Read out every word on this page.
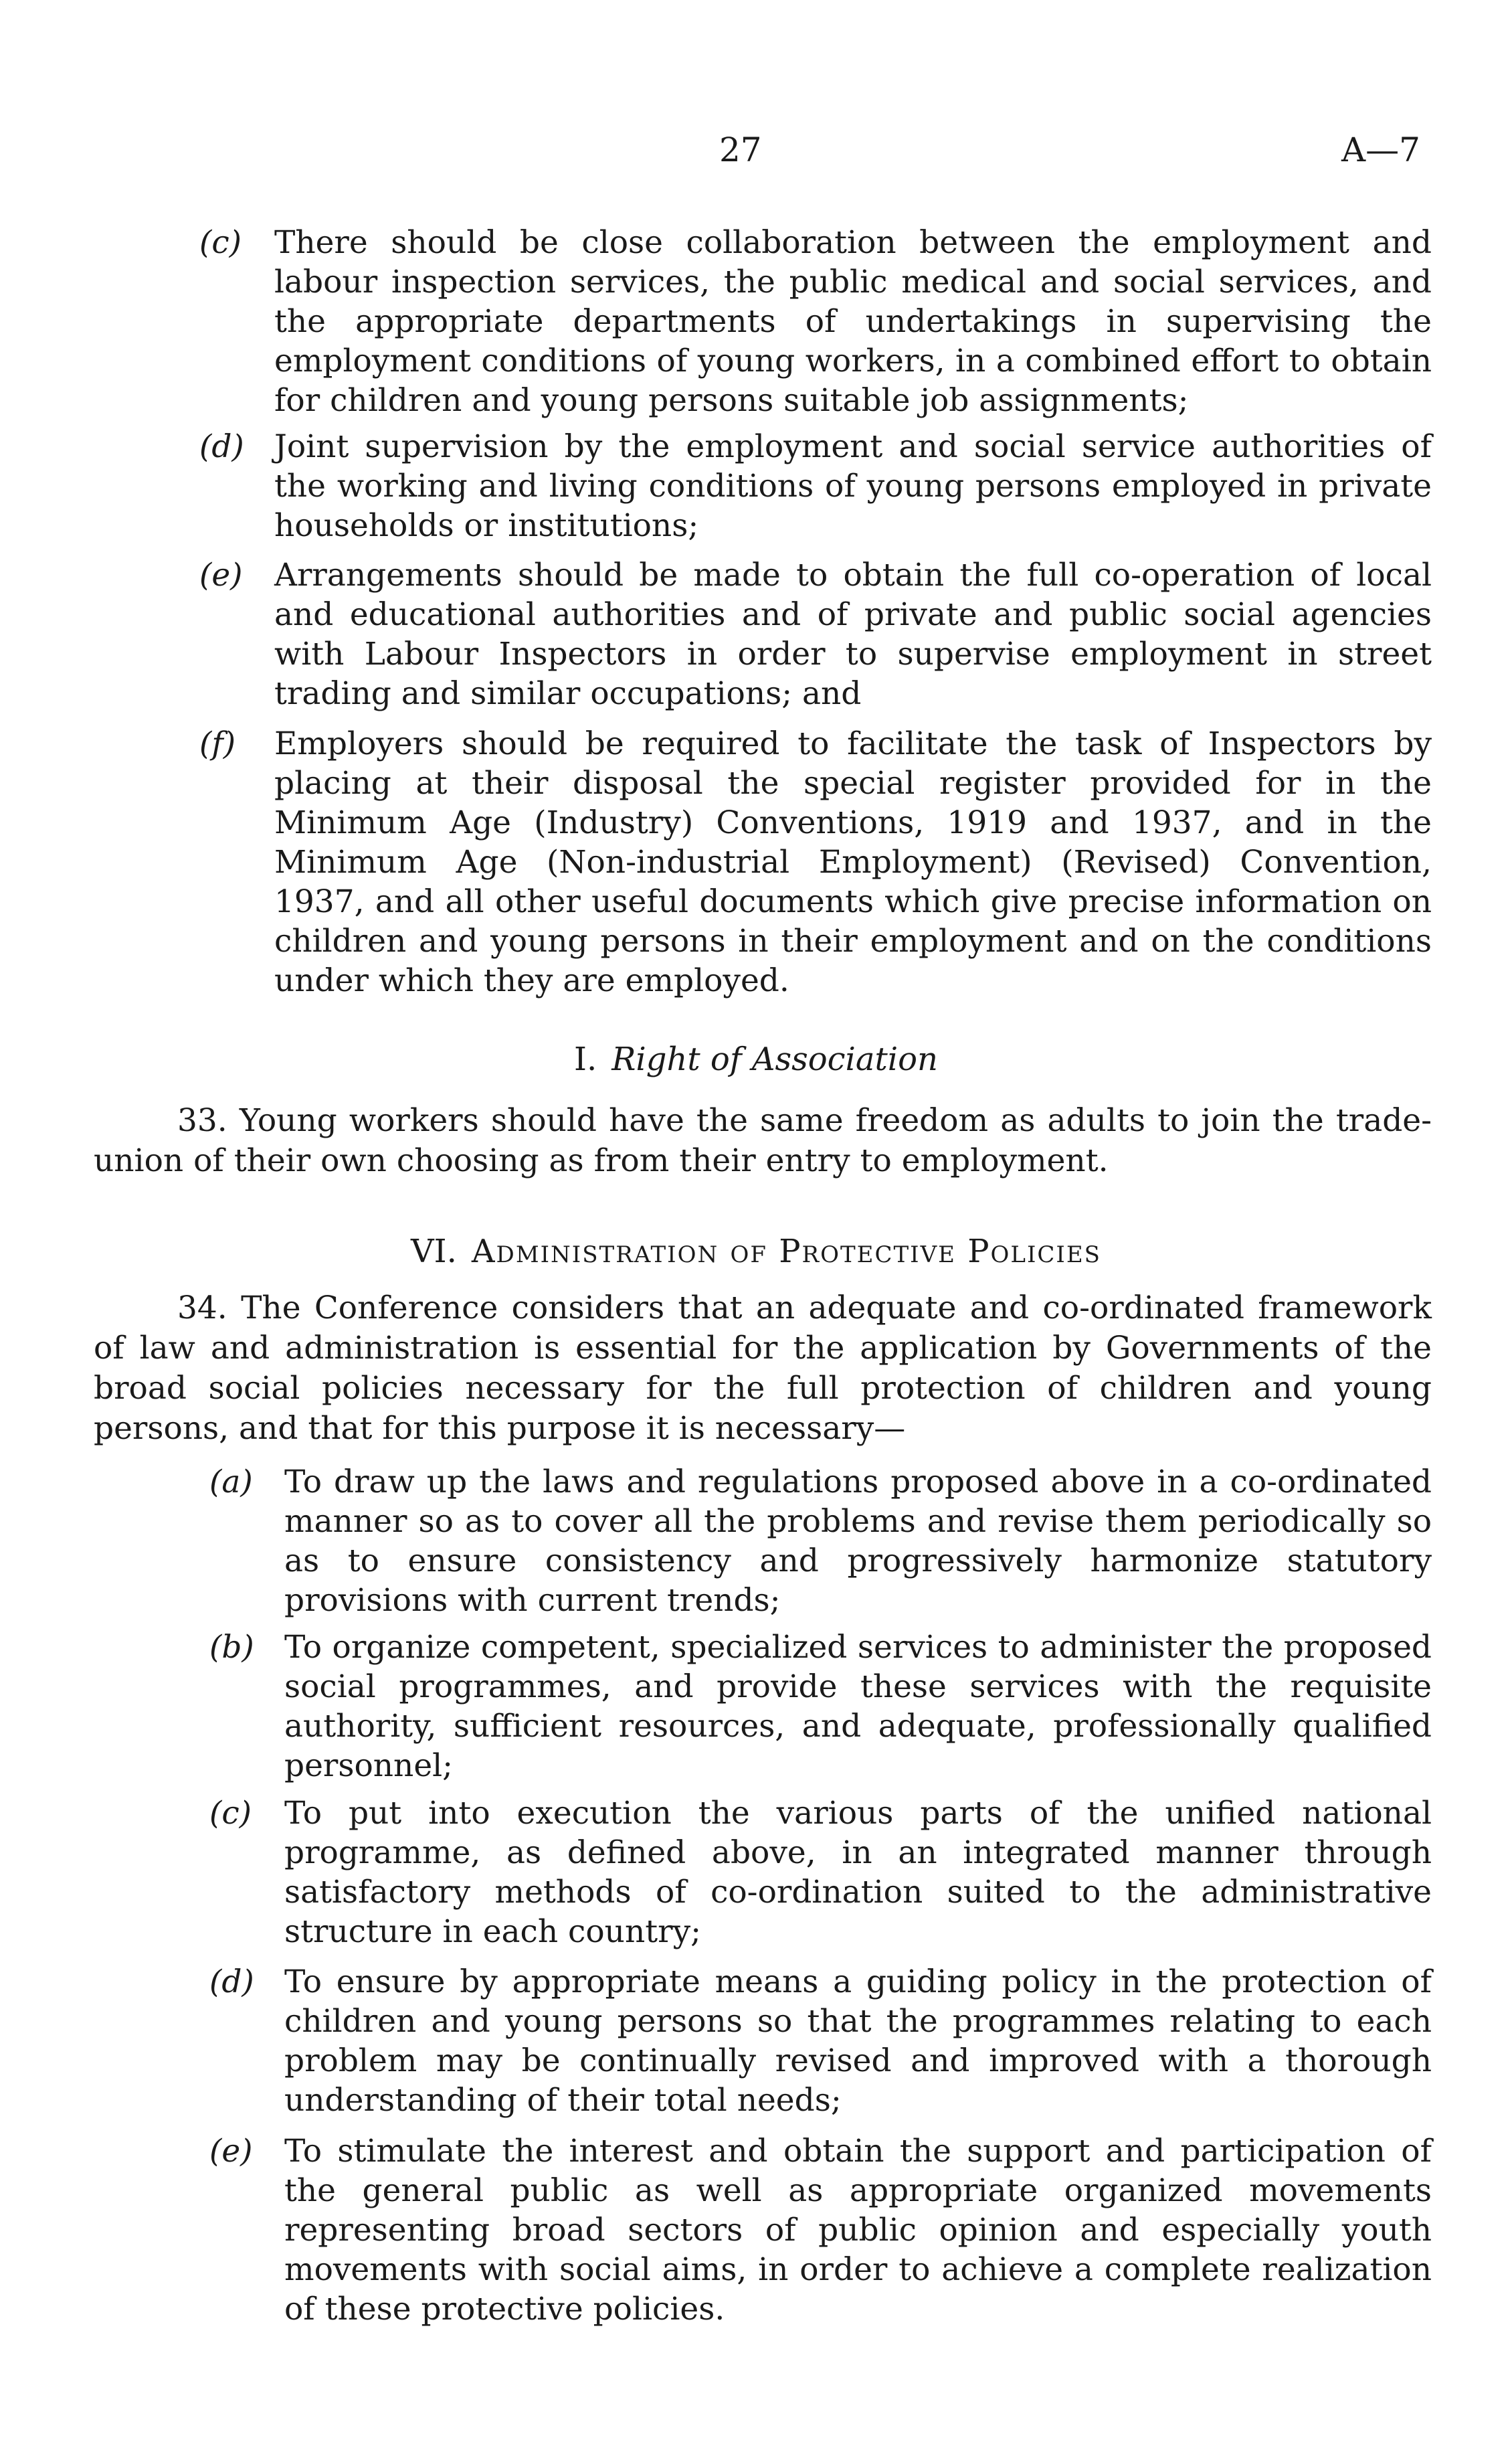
27	A—7
(c) There should be close collaboration between the employment and labour inspection services, the public medical and social services, and the appropriate departments of undertakings in supervising the employment conditions of young workers, in a combined effort to obtain for children and young persons suitable job assignments;
(d) Joint supervision by the employment and social service authorities of the working and living conditions of young persons employed in private households or institutions;
(e) Arrangements should be made to obtain the full co-operation of local and educational authorities and of private and public social agencies with Labour Inspectors in order to supervise employment in street trading and similar occupations; and
(f) Employers should be required to facilitate the task of Inspectors by placing at their disposal the special register provided for in the Minimum Age (Industry) Conventions, 1919 and 1937, and in the Minimum Age (Non-industrial Employment) (Revised) Convention, 1937, and all other useful documents which give precise information on children and young persons in their employment and on the conditions under which they are employed.
I. Right of Association
33. Young workers should have the same freedom as adults to join the trade-union of their own choosing as from their entry to employment.
VI. Administration of Protective Policies
34. The Conference considers that an adequate and co-ordinated framework of law and administration is essential for the application by Governments of the broad social policies necessary for the full protection of children and young persons, and that for this purpose it is necessary—
(a) To draw up the laws and regulations proposed above in a co-ordinated manner so as to cover all the problems and revise them periodically so as to ensure consistency and progressively harmonize statutory provisions with current trends;
(b) To organize competent, specialized services to administer the proposed social programmes, and provide these services with the requisite authority, sufficient resources, and adequate, professionally qualified personnel;
(c) To put into execution the various parts of the unified national programme, as defined above, in an integrated manner through satisfactory methods of co-ordination suited to the administrative structure in each country;
(d) To ensure by appropriate means a guiding policy in the protection of children and young persons so that the programmes relating to each problem may be continually revised and improved with a thorough understanding of their total needs;
(e) To stimulate the interest and obtain the support and participation of the general public as well as appropriate organized movements representing broad sectors of public opinion and especially youth movements with social aims, in order to achieve a complete realization of these protective policies.
